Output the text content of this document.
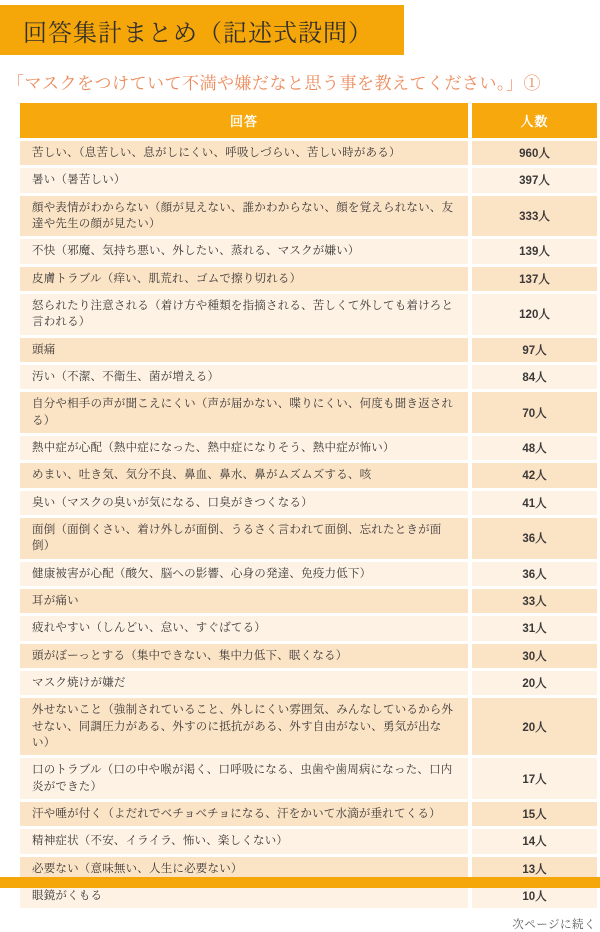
回答集計まとめ（記述式設問）
「マスクをつけていて不満や嫌だなと思う事を教えてください。」①
回答	人数
苦しい、（息苦しい、息がしにくい、呼吸しづらい、苦しい時がある）	960人
暑い（暑苦しい）	397人
顔や表情がわからない（顔が見えない、誰かわからない、顔を覚えられない、友達や先生の顔が見たい）	333人
不快（邪魔、気持ち悪い、外したい、蒸れる、マスクが嫌い）	139人
皮膚トラブル（痒い、肌荒れ、ゴムで擦り切れる）	137人
怒られたり注意される（着け方や種類を指摘される、苦しくて外しても着けろと言われる）	120人
頭痛	97人
汚い（不潔、不衛生、菌が増える）	84人
自分や相手の声が聞こえにくい（声が届かない、喋りにくい、何度も聞き返される）	70人
熱中症が心配（熱中症になった、熱中症になりそう、熱中症が怖い）	48人
めまい、吐き気、気分不良、鼻血、鼻水、鼻がムズムズする、咳	42人
臭い（マスクの臭いが気になる、口臭がきつくなる）	41人
面倒（面倒くさい、着け外しが面倒、うるさく言われて面倒、忘れたときが面倒）	36人
健康被害が心配（酸欠、脳への影響、心身の発達、免疫力低下）	36人
耳が痛い	33人
疲れやすい（しんどい、怠い、すぐばてる）	31人
頭がぼーっとする（集中できない、集中力低下、眠くなる）	30人
マスク焼けが嫌だ	20人
外せないこと（強制されていること、外しにくい雰囲気、みんなしているから外せない、同調圧力がある、外すのに抵抗がある、外す自由がない、勇気が出ない）	20人
口のトラブル（口の中や喉が渇く、口呼吸になる、虫歯や歯周病になった、口内炎ができた）	17人
汗や唾が付く（よだれでベチョベチョになる、汗をかいて水滴が垂れてくる）	15人
精神症状（不安、イライラ、怖い、楽しくない）	14人
必要ない（意味無い、人生に必要ない）	13人
眼鏡がくもる	10人
次ページに続く
